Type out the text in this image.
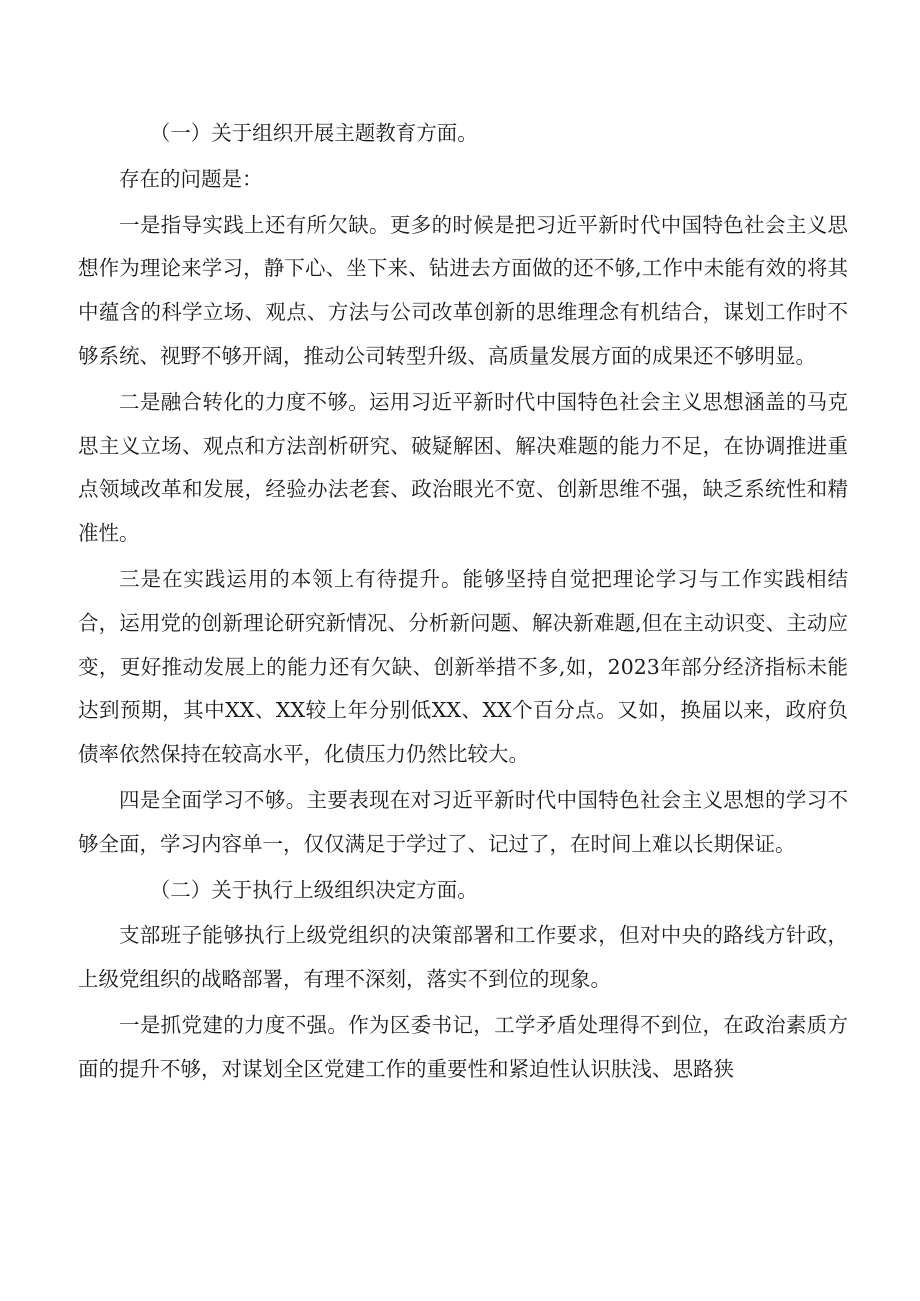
（一）关于组织开展主题教育方面。

存在的问题是：

一是指导实践上还有所欠缺。更多的时候是把习近平新时代中国特色社会主义思想作为理论来学习，静下心、坐下来、钻进去方面做的还不够,工作中未能有效的将其中蕴含的科学立场、观点、方法与公司改革创新的思维理念有机结合，谋划工作时不够系统、视野不够开阔，推动公司转型升级、高质量发展方面的成果还不够明显。

二是融合转化的力度不够。运用习近平新时代中国特色社会主义思想涵盖的马克思主义立场、观点和方法剖析研究、破疑解困、解决难题的能力不足，在协调推进重点领域改革和发展，经验办法老套、政治眼光不宽、创新思维不强，缺乏系统性和精准性。

三是在实践运用的本领上有待提升。能够坚持自觉把理论学习与工作实践相结合，运用党的创新理论研究新情况、分析新问题、解决新难题,但在主动识变、主动应变，更好推动发展上的能力还有欠缺、创新举措不多,如，2023年部分经济指标未能达到预期，其中XX、XX较上年分别低XX、XX个百分点。又如，换届以来，政府负债率依然保持在较高水平，化债压力仍然比较大。

四是全面学习不够。主要表现在对习近平新时代中国特色社会主义思想的学习不够全面，学习内容单一，仅仅满足于学过了、记过了，在时间上难以长期保证。

（二）关于执行上级组织决定方面。

支部班子能够执行上级党组织的决策部署和工作要求，但对中央的路线方针政，上级党组织的战略部署，有理不深刻，落实不到位的现象。

一是抓党建的力度不强。作为区委书记，工学矛盾处理得不到位，在政治素质方面的提升不够，对谋划全区党建工作的重要性和紧迫性认识肤浅、思路狭
